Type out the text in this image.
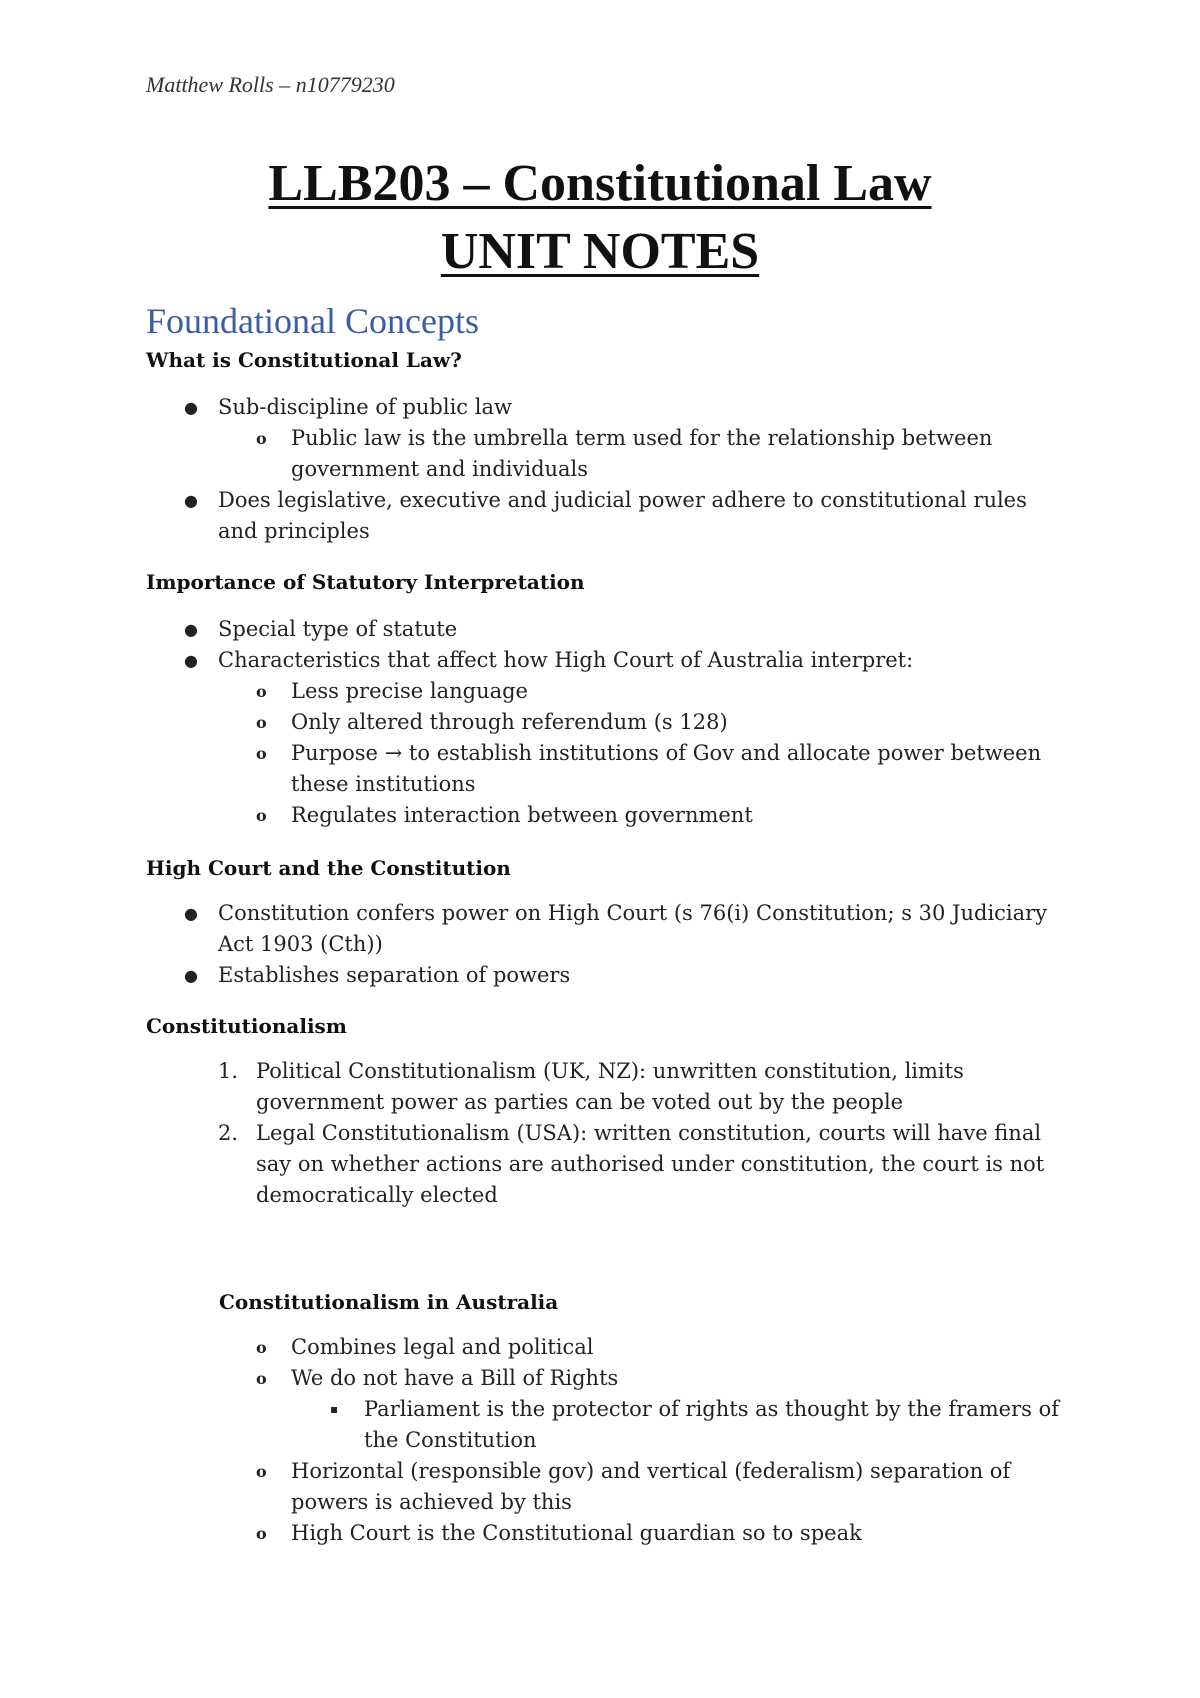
Matthew Rolls – n10779230
LLB203 – Constitutional Law
UNIT NOTES
Foundational Concepts
What is Constitutional Law?
● Sub-discipline of public law
o Public law is the umbrella term used for the relationship between government and individuals
● Does legislative, executive and judicial power adhere to constitutional rules and principles
Importance of Statutory Interpretation
● Special type of statute
● Characteristics that affect how High Court of Australia interpret:
o Less precise language
o Only altered through referendum (s 128)
o Purpose → to establish institutions of Gov and allocate power between these institutions
o Regulates interaction between government
High Court and the Constitution
● Constitution confers power on High Court (s 76(i) Constitution; s 30 Judiciary Act 1903 (Cth))
● Establishes separation of powers
Constitutionalism
1. Political Constitutionalism (UK, NZ): unwritten constitution, limits government power as parties can be voted out by the people
2. Legal Constitutionalism (USA): written constitution, courts will have final say on whether actions are authorised under constitution, the court is not democratically elected
Constitutionalism in Australia
o Combines legal and political
o We do not have a Bill of Rights
▪ Parliament is the protector of rights as thought by the framers of the Constitution
o Horizontal (responsible gov) and vertical (federalism) separation of powers is achieved by this
o High Court is the Constitutional guardian so to speak
